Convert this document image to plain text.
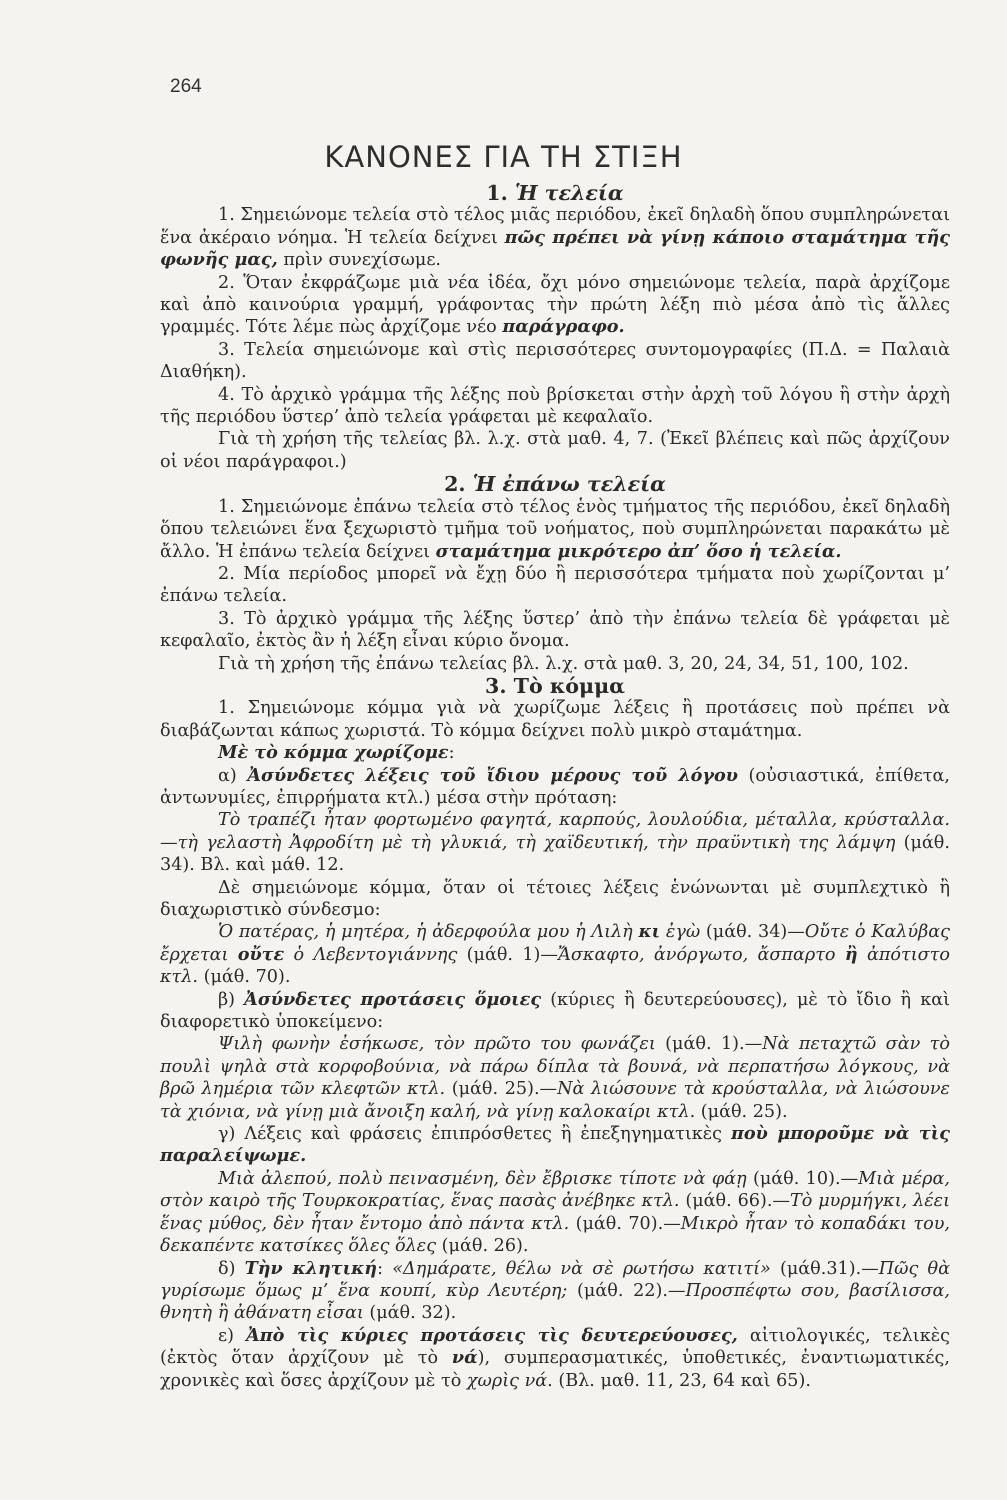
264
ΚΑΝΟΝΕΣ ΓΙΑ ΤΗ ΣΤΙΞΗ
1. Ἡ τελεία

1. Σημειώνομε τελεία στὸ τέλος μιᾶς περιόδου, ἐκεῖ δηλαδὴ ὅπου συμπληρώνεται ἕνα ἀκέραιο νόημα. Ἡ τελεία δείχνει πῶς πρέπει νὰ γίνῃ κάποιο σταμάτημα τῆς φωνῆς μας, πρὶν συνεχίσωμε.

2. Ὅταν ἐκφράζωμε μιὰ νέα ἰδέα, ὄχι μόνο σημειώνομε τελεία, παρὰ ἀρχίζομε καὶ ἀπὸ καινούρια γραμμή, γράφοντας τὴν πρώτη λέξη πιὸ μέσα ἀπὸ τὶς ἄλλες γραμμές. Τότε λέμε πὼς ἀρχίζομε νέο παράγραφο.

3. Τελεία σημειώνομε καὶ στὶς περισσότερες συντομογραφίες (Π.Δ. = Παλαιὰ Διαθήκη).

4. Τὸ ἀρχικὸ γράμμα τῆς λέξης ποὺ βρίσκεται στὴν ἀρχὴ τοῦ λόγου ἢ στὴν ἀρχὴ τῆς περιόδου ὕστερ’ ἀπὸ τελεία γράφεται μὲ κεφαλαῖο.

Γιὰ τὴ χρήση τῆς τελείας βλ. λ.χ. στὰ μαθ. 4, 7. (Ἐκεῖ βλέπεις καὶ πῶς ἀρχίζουν οἱ νέοι παράγραφοι.)

2. Ἡ ἐπάνω τελεία

1. Σημειώνομε ἐπάνω τελεία στὸ τέλος ἑνὸς τμήματος τῆς περιόδου, ἐκεῖ δηλαδὴ ὅπου τελειώνει ἕνα ξεχωριστὸ τμῆμα τοῦ νοήματος, ποὺ συμπληρώνεται παρακάτω μὲ ἄλλο. Ἡ ἐπάνω τελεία δείχνει σταμάτημα μικρότερο ἀπ’ ὅσο ἡ τελεία.

2. Μία περίοδος μπορεῖ νὰ ἔχῃ δύο ἢ περισσότερα τμήματα ποὺ χωρίζονται μ’ ἐπάνω τελεία.

3. Τὸ ἀρχικὸ γράμμα τῆς λέξης ὕστερ’ ἀπὸ τὴν ἐπάνω τελεία δὲ γράφεται μὲ κεφαλαῖο, ἐκτὸς ἂν ἡ λέξη εἶναι κύριο ὄνομα.

Γιὰ τὴ χρήση τῆς ἐπάνω τελείας βλ. λ.χ. στὰ μαθ. 3, 20, 24, 34, 51, 100, 102.

3. Τὸ κόμμα

1. Σημειώνομε κόμμα γιὰ νὰ χωρίζωμε λέξεις ἢ προτάσεις ποὺ πρέπει νὰ διαβάζωνται κάπως χωριστά. Τὸ κόμμα δείχνει πολὺ μικρὸ σταμάτημα.

Μὲ τὸ κόμμα χωρίζομε:

α) Ἀσύνδετες λέξεις τοῦ ἴδιου μέρους τοῦ λόγου (οὐσιαστικά, ἐπίθετα, ἀντωνυμίες, ἐπιρρήματα κτλ.) μέσα στὴν πρόταση:

Τὸ τραπέζι ἦταν φορτωμένο φαγητά, καρπούς, λουλούδια, μέταλλα, κρύσταλλα.—τὴ γελαστὴ Ἀφροδίτη μὲ τὴ γλυκιά, τὴ χαϊδευτική, τὴν πραϋντικὴ της λάμψη (μάθ. 34). Βλ. καὶ μάθ. 12.

Δὲ σημειώνομε κόμμα, ὅταν οἱ τέτοιες λέξεις ἑνώνωνται μὲ συμπλεχτικὸ ἢ διαχωριστικὸ σύνδεσμο:

Ὁ πατέρας, ἡ μητέρα, ἡ ἀδερφούλα μου ἡ Λιλὴ κι ἐγὼ (μάθ. 34)—Οὔτε ὁ Καλύβας ἔρχεται οὔτε ὁ Λεβεντογιάννης (μάθ. 1)—Ἄσκαφτο, ἀνόργωτο, ἄσπαρτο ἢ ἀπότιστο κτλ. (μάθ. 70).

β) Ἀσύνδετες προτάσεις ὅμοιες (κύριες ἢ δευτερεύουσες), μὲ τὸ ἴδιο ἢ καὶ διαφορετικὸ ὑποκείμενο:

Ψιλὴ φωνὴν ἐσήκωσε, τὸν πρῶτο του φωνάζει (μάθ. 1).—Νὰ πεταχτῶ σὰν τὸ πουλὶ ψηλὰ στὰ κορφοβούνια, νὰ πάρω δίπλα τὰ βουνά, νὰ περπατήσω λόγκους, νὰ βρῶ λημέρια τῶν κλεφτῶν κτλ. (μάθ. 25).—Νὰ λιώσουνε τὰ κρούσταλλα, νὰ λιώσουνε τὰ χιόνια, νὰ γίνῃ μιὰ ἄνοιξη καλή, νὰ γίνῃ καλοκαίρι κτλ. (μάθ. 25).

γ) Λέξεις καὶ φράσεις ἐπιπρόσθετες ἢ ἐπεξηγηματικὲς ποὺ μποροῦμε νὰ τὶς παραλείψωμε.

Μιὰ ἀλεπού, πολὺ πεινασμένη, δὲν ἔβρισκε τίποτε νὰ φάῃ (μάθ. 10).—Μιὰ μέρα, στὸν καιρὸ τῆς Τουρκοκρατίας, ἕνας πασὰς ἀνέβηκε κτλ. (μάθ. 66).—Τὸ μυρμήγκι, λέει ἕνας μύθος, δὲν ἦταν ἔντομο ἀπὸ πάντα κτλ. (μάθ. 70).—Μικρὸ ἦταν τὸ κοπαδάκι του, δεκαπέντε κατσίκες ὅλες ὅλες (μάθ. 26).

δ) Τὴν κλητική: «Δημάρατε, θέλω νὰ σὲ ρωτήσω κατιτί» (μάθ.31).—Πῶς θὰ γυρίσωμε ὅμως μ’ ἕνα κουπί, κὺρ Λευτέρη; (μάθ. 22).—Προσπέφτω σου, βασίλισσα, θνητὴ ἢ ἀθάνατη εἶσαι (μάθ. 32).

ε) Ἀπὸ τὶς κύριες προτάσεις τὶς δευτερεύουσες, αἰτιολογικές, τελικὲς (ἐκτὸς ὅταν ἀρχίζουν μὲ τὸ νά), συμπερασματικές, ὑποθετικές, ἐναντιωματικές, χρονικὲς καὶ ὅσες ἀρχίζουν μὲ τὸ χωρὶς νά. (Βλ. μαθ. 11, 23, 64 καὶ 65).
